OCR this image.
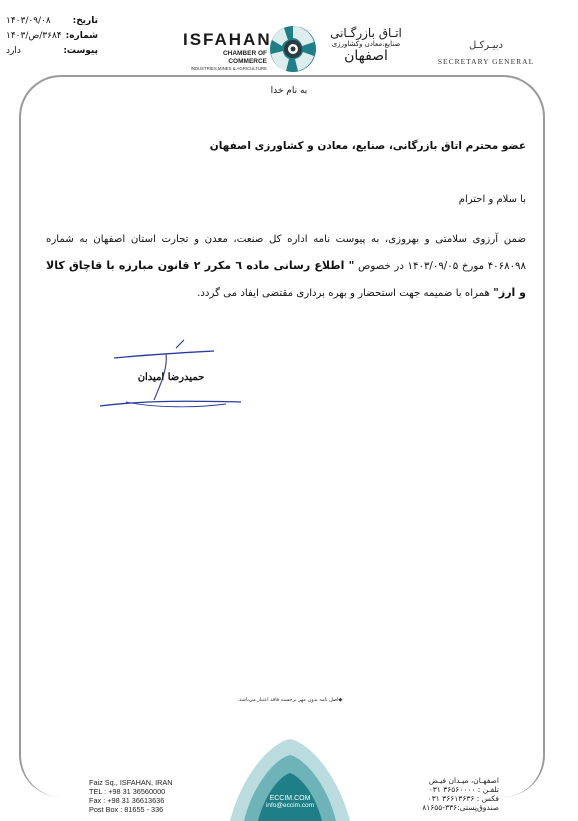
تاریخ:
۱۴۰۳/۰۹/۰۸
شماره:
۳۶۸۴/ص/۱۴۰۳
پیوست:
دارد
ISFAHAN
CHAMBER OF COMMERCE
INDUSTRIES,MINES & AGRICULTURE
اتـاق بازرگـانی
صنایع،معادن وکشاورزی
اصفهان
دبیـرکـل
SECRETARY GENERAL
به نام خدا
عضو محترم اتاق بازرگانی، صنایع، معادن و کشاورزی اصفهان
با سلام و احترام
ضمن آرزوی سلامتی و بهروزی، به پیوست نامه اداره کل صنعت، معدن و تجارت استان اصفهان به شماره ۴۰۶۸۰۹۸ مورخ ۱۴۰۳/۰۹/۰۵ در خصوص " اطلاع رسانی ماده ٦ مکرر ۲ قانون مبارزه با قاچاق کالا و ارز" همراه با ضمیمه جهت استحضار و بهره برداری مقتضی ایفاد می گردد.
حمیدرضا امیدان
◆اصل نامه بدون مهر برجسته فاقد اعتبار می‌باشد.
ECCIM.COM
info@eccim.com
Faiz Sq., ISFAHAN, IRAN
TEL : +98 31 36560000
Fax : +98 31 36613636
Post Box : 81655 - 336
اصفهـان، میـدان فیـض
تلفـن : ۳۶۵۶۰۰۰۰ ۰۳۱
فکس : ۳۶۶۱۳۶۳۶ ۰۳۱
صندوق‌پستی:۳۳۶-۸۱۶۵۵
